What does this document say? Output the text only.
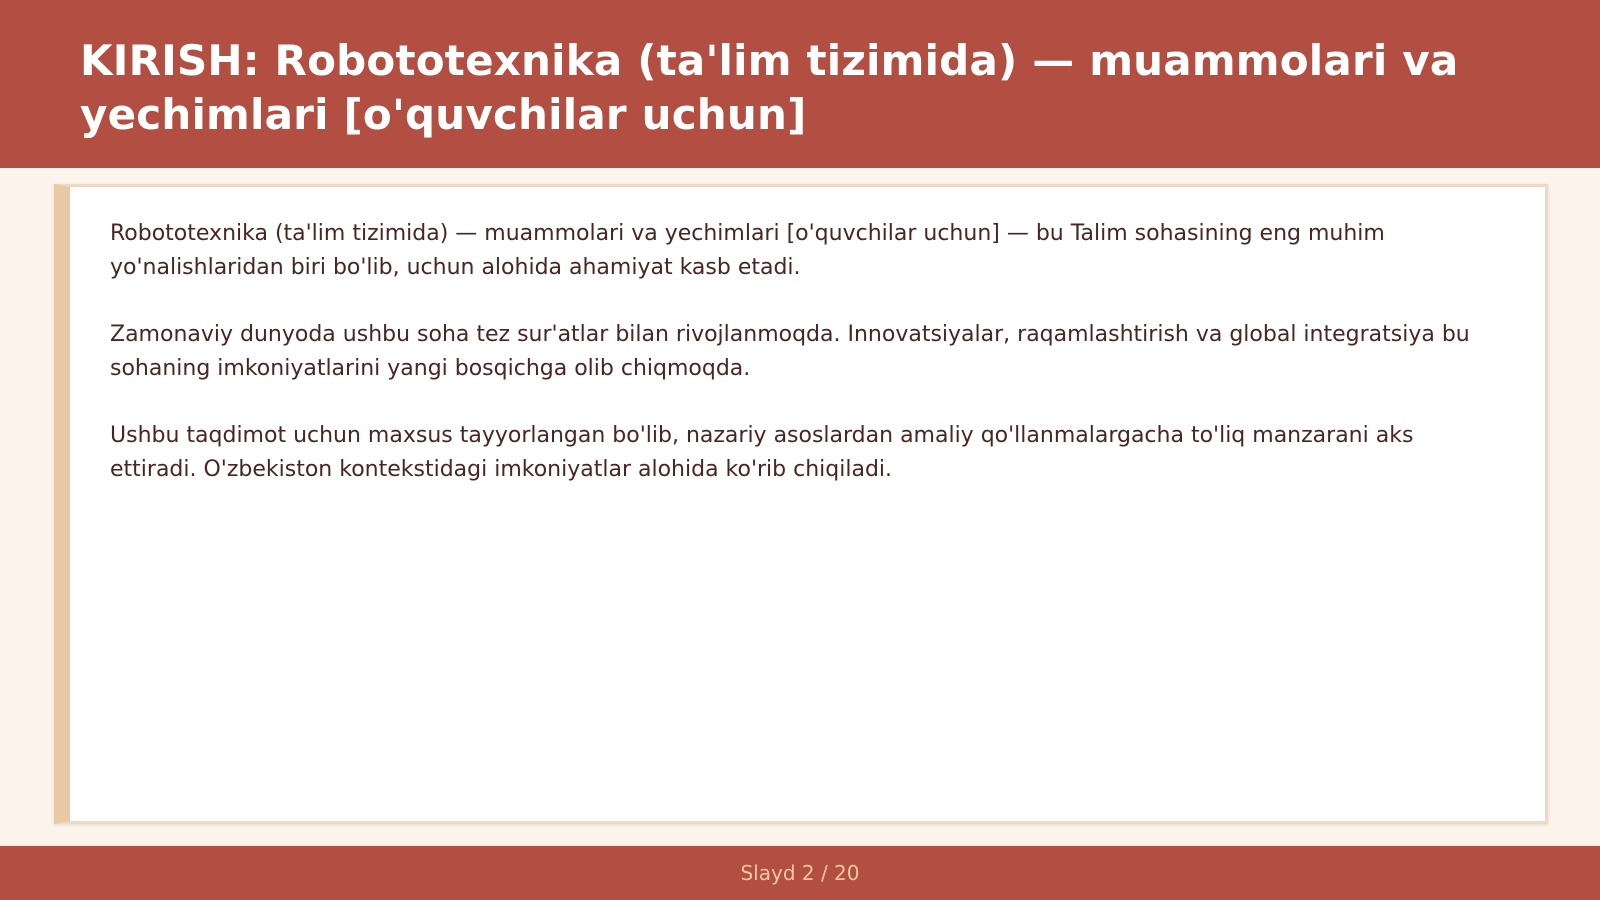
KIRISH: Robototexnika (ta'lim tizimida) — muammolari va yechimlari [o'quvchilar uchun]

Robototexnika (ta'lim tizimida) — muammolari va yechimlari [o'quvchilar uchun] — bu Talim sohasining eng muhim yo'nalishlaridan biri bo'lib, uchun alohida ahamiyat kasb etadi.

Zamonaviy dunyoda ushbu soha tez sur'atlar bilan rivojlanmoqda. Innovatsiyalar, raqamlashtirish va global integratsiya bu sohaning imkoniyatlarini yangi bosqichga olib chiqmoqda.

Ushbu taqdimot uchun maxsus tayyorlangan bo'lib, nazariy asoslardan amaliy qo'llanmalargacha to'liq manzarani aks ettiradi. O'zbekiston kontekstidagi imkoniyatlar alohida ko'rib chiqiladi.

Slayd 2 / 20
